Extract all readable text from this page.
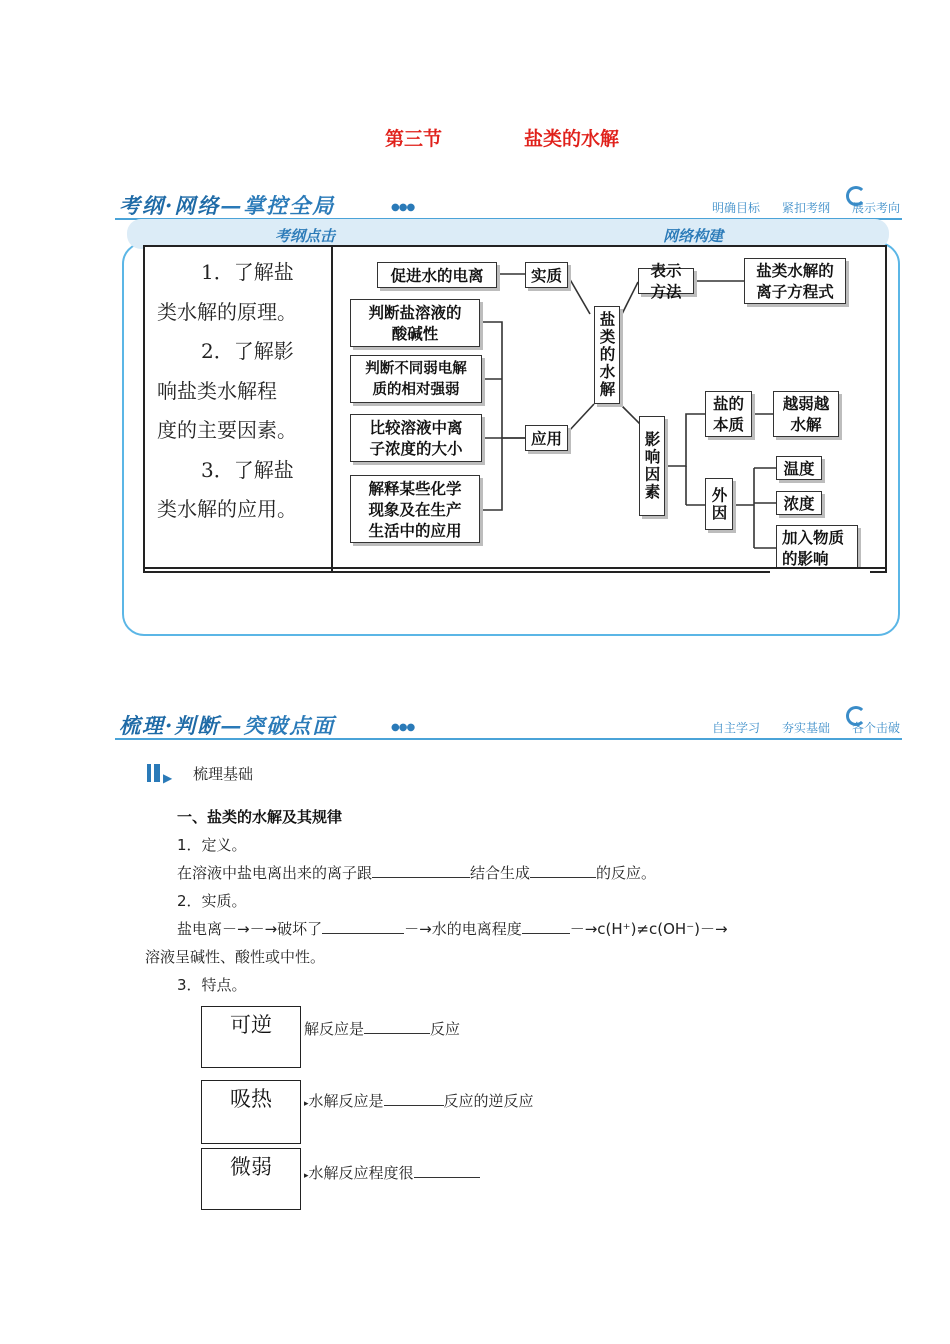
第三节	盐类的水解
考纲·网络—掌控全局	●●●	明确目标 紧扣考纲 展示考向
考纲点击	网络构建

1．了解盐

类水解的原理。

2．了解影

响盐类水解程

度的主要因素。

3．了解盐

类水解的应用。

促进水的电离	实质	表示方法
盐类水解的
离子方程式
盐类的水解
判断盐溶液的
酸碱性
判断不同弱电解
质的相对强弱
比较溶液中离
子浓度的大小
解释某些化学
现象及在生产
生活中的应用
应用	影响因素
盐的
本质
越弱越
水解
外因
温度
浓度
加入物质
的影响
梳理·判断—突破点面	●●●	自主学习 夯实基础 各个击破
▶ 梳理基础
一、盐类的水解及其规律
1．定义。
在溶液中盐电离出来的离子跟	结合生成	的反应。
2．实质。
盐电离－→－→破坏了	－→水的电离程度	－→c(H⁺)≠c(OH⁻)－→
溶液呈碱性、酸性或中性。
3．特点。
可逆	解反应是	反应
吸热	▸水解反应是	反应的逆反应
微弱	▸水解反应程度很
